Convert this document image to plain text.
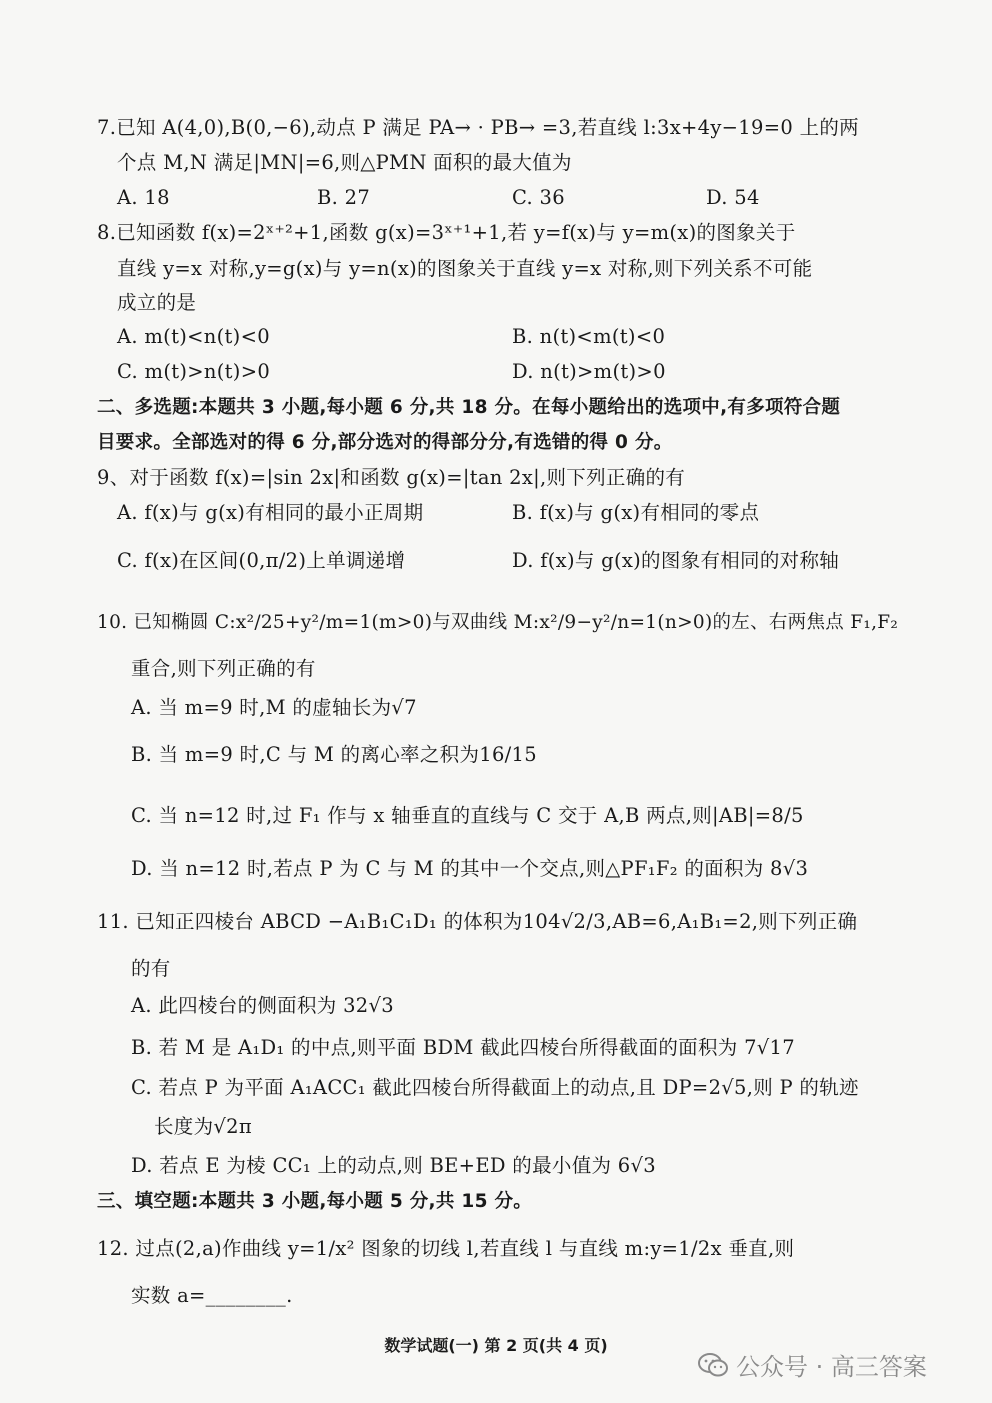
7.已知 A(4,0),B(0,−6),动点 P 满足 PA→ · PB→ =3,若直线 l:3x+4y−19=0 上的两
个点 M,N 满足|MN|=6,则△PMN 面积的最大值为
A. 18	B. 27	C. 36	D. 54
8.已知函数 f(x)=2ˣ⁺²+1,函数 g(x)=3ˣ⁺¹+1,若 y=f(x)与 y=m(x)的图象关于
直线 y=x 对称,y=g(x)与 y=n(x)的图象关于直线 y=x 对称,则下列关系不可能
成立的是
A. m(t)<n(t)<0	B. n(t)<m(t)<0
C. m(t)>n(t)>0	D. n(t)>m(t)>0
二、多选题:本题共 3 小题,每小题 6 分,共 18 分。在每小题给出的选项中,有多项符合题
目要求。全部选对的得 6 分,部分选对的得部分分,有选错的得 0 分。
9、对于函数 f(x)=|sin 2x|和函数 g(x)=|tan 2x|,则下列正确的有
A. f(x)与 g(x)有相同的最小正周期	B. f(x)与 g(x)有相同的零点
C. f(x)在区间(0,π/2)上单调递增	D. f(x)与 g(x)的图象有相同的对称轴
10. 已知椭圆 C:x²/25+y²/m=1(m>0)与双曲线 M:x²/9−y²/n=1(n>0)的左、右两焦点 F₁,F₂
重合,则下列正确的有
A. 当 m=9 时,M 的虚轴长为√7
B. 当 m=9 时,C 与 M 的离心率之积为16/15
C. 当 n=12 时,过 F₁ 作与 x 轴垂直的直线与 C 交于 A,B 两点,则|AB|=8/5
D. 当 n=12 时,若点 P 为 C 与 M 的其中一个交点,则△PF₁F₂ 的面积为 8√3
11. 已知正四棱台 ABCD −A₁B₁C₁D₁ 的体积为104√2/3,AB=6,A₁B₁=2,则下列正确
的有
A. 此四棱台的侧面积为 32√3
B. 若 M 是 A₁D₁ 的中点,则平面 BDM 截此四棱台所得截面的面积为 7√17
C. 若点 P 为平面 A₁ACC₁ 截此四棱台所得截面上的动点,且 DP=2√5,则 P 的轨迹
长度为√2π
D. 若点 E 为棱 CC₁ 上的动点,则 BE+ED 的最小值为 6√3
三、填空题:本题共 3 小题,每小题 5 分,共 15 分。
12. 过点(2,a)作曲线 y=1/x² 图象的切线 l,若直线 l 与直线 m:y=1/2x 垂直,则
实数 a=________.
数学试题(一) 第 2 页(共 4 页)
公众号 · 高三答案
